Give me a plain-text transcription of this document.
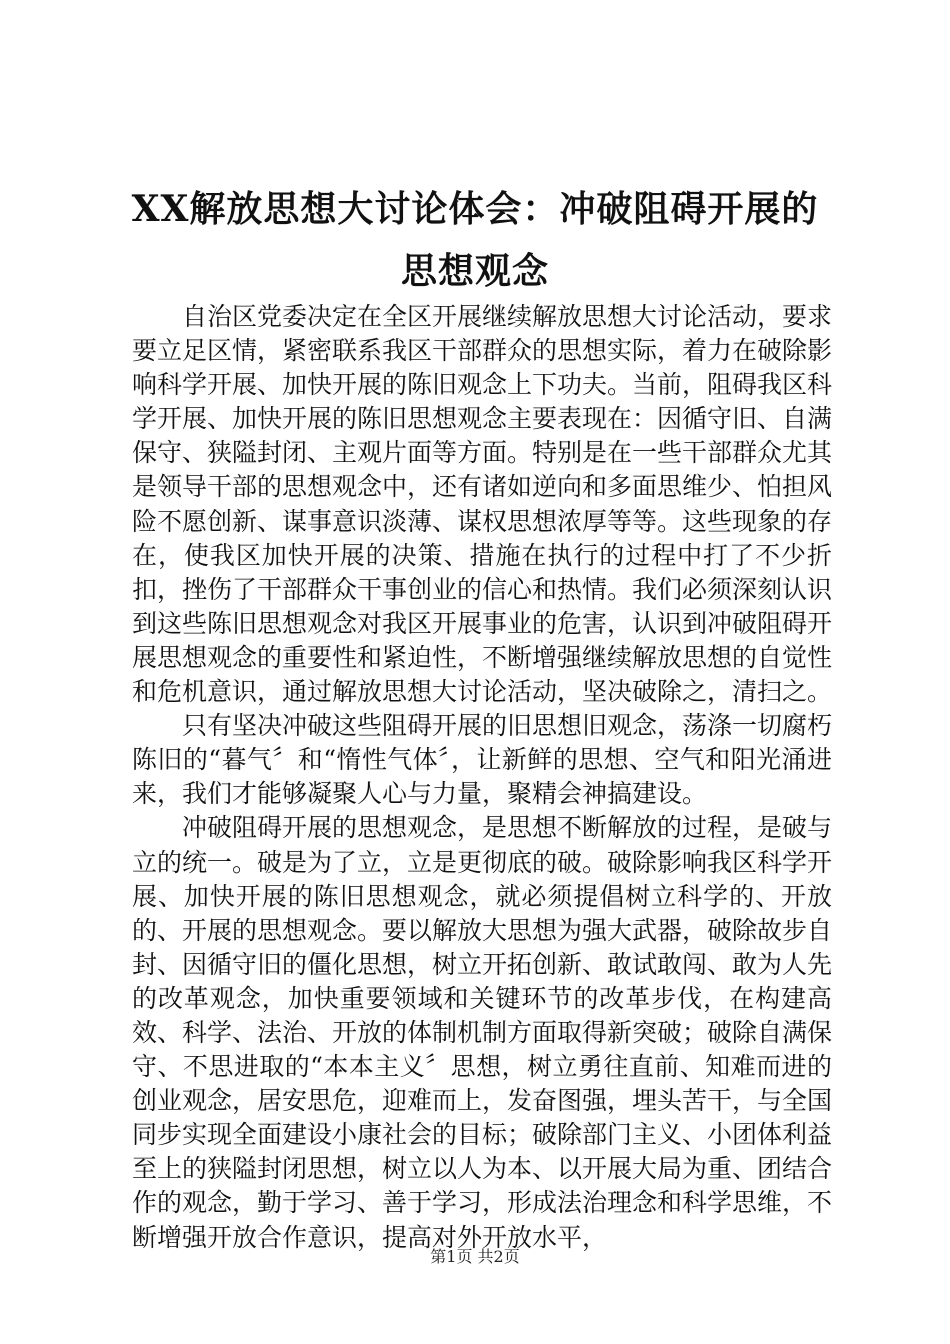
XX解放思想大讨论体会：冲破阻碍开展的思想观念

自治区党委决定在全区开展继续解放思想大讨论活动，要求要立足区情，紧密联系我区干部群众的思想实际，着力在破除影响科学开展、加快开展的陈旧观念上下功夫。当前，阻碍我区科学开展、加快开展的陈旧思想观念主要表现在：因循守旧、自满保守、狭隘封闭、主观片面等方面。特别是在一些干部群众尤其是领导干部的思想观念中，还有诸如逆向和多面思维少、怕担风险不愿创新、谋事意识淡薄、谋权思想浓厚等等。这些现象的存在，使我区加快开展的决策、措施在执行的过程中打了不少折扣，挫伤了干部群众干事创业的信心和热情。我们必须深刻认识到这些陈旧思想观念对我区开展事业的危害，认识到冲破阻碍开展思想观念的重要性和紧迫性，不断增强继续解放思想的自觉性和危机意识，通过解放思想大讨论活动，坚决破除之，清扫之。

只有坚决冲破这些阻碍开展的旧思想旧观念，荡涤一切腐朽陈旧的“暮气〞和“惰性气体〞，让新鲜的思想、空气和阳光涌进来，我们才能够凝聚人心与力量，聚精会神搞建设。

冲破阻碍开展的思想观念，是思想不断解放的过程，是破与立的统一。破是为了立，立是更彻底的破。破除影响我区科学开展、加快开展的陈旧思想观念，就必须提倡树立科学的、开放的、开展的思想观念。要以解放大思想为强大武器，破除故步自封、因循守旧的僵化思想，树立开拓创新、敢试敢闯、敢为人先的改革观念，加快重要领域和关键环节的改革步伐，在构建高效、科学、法治、开放的体制机制方面取得新突破；破除自满保守、不思进取的“本本主义〞思想，树立勇往直前、知难而进的创业观念，居安思危，迎难而上，发奋图强，埋头苦干，与全国同步实现全面建设小康社会的目标；破除部门主义、小团体利益至上的狭隘封闭思想，树立以人为本、以开展大局为重、团结合作的观念，勤于学习、善于学习，形成法治理念和科学思维，不断增强开放合作意识，提高对外开放水平，

第1页 共2页
